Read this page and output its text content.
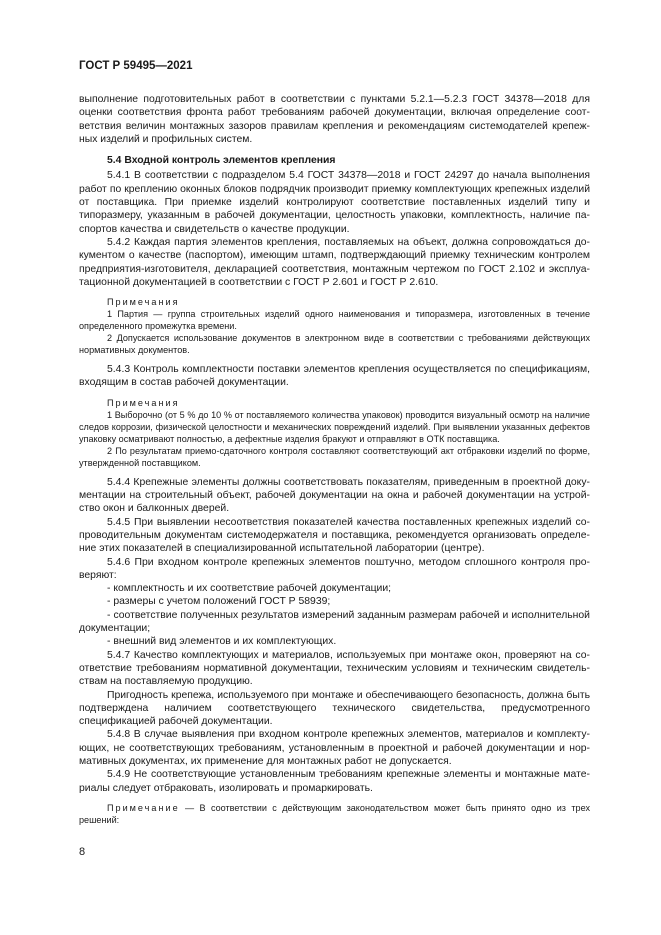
ГОСТ Р 59495—2021

выполнение подготовительных работ в соответствии с пунктами 5.2.1—5.2.3 ГОСТ 34378—2018 для оценки соответствия фронта работ требованиям рабочей документации, включая определение соответствия величин монтажных зазоров правилам крепления и рекомендациям системодателей крепежных изделий и профильных систем.

5.4 Входной контроль элементов крепления

5.4.1 В соответствии с подразделом 5.4 ГОСТ 34378—2018 и ГОСТ 24297 до начала выполнения работ по креплению оконных блоков подрядчик производит приемку комплектующих крепежных изделий от поставщика. При приемке изделий контролируют соответствие поставленных изделий типу и типоразмеру, указанным в рабочей документации, целостность упаковки, комплектность, наличие паспортов качества и свидетельств о качестве продукции.

5.4.2 Каждая партия элементов крепления, поставляемых на объект, должна сопровождаться документом о качестве (паспортом), имеющим штамп, подтверждающий приемку техническим контролем предприятия-изготовителя, декларацией соответствия, монтажным чертежом по ГОСТ 2.102 и эксплуатационной документацией в соответствии с ГОСТ Р 2.601 и ГОСТ Р 2.610.

Примечания

1 Партия — группа строительных изделий одного наименования и типоразмера, изготовленных в течение определенного промежутка времени.

2 Допускается использование документов в электронном виде в соответствии с требованиями действующих нормативных документов.

5.4.3 Контроль комплектности поставки элементов крепления осуществляется по спецификациям, входящим в состав рабочей документации.

Примечания

1 Выборочно (от 5 % до 10 % от поставляемого количества упаковок) проводится визуальный осмотр на наличие следов коррозии, физической целостности и механических повреждений изделий. При выявлении указанных дефектов упаковку осматривают полностью, а дефектные изделия бракуют и отправляют в ОТК поставщика.

2 По результатам приемо-сдаточного контроля составляют соответствующий акт отбраковки изделий по форме, утвержденной поставщиком.

5.4.4 Крепежные элементы должны соответствовать показателям, приведенным в проектной документации на строительный объект, рабочей документации на окна и рабочей документации на устройство окон и балконных дверей.

5.4.5 При выявлении несоответствия показателей качества поставленных крепежных изделий сопроводительным документам системодержателя и поставщика, рекомендуется организовать определение этих показателей в специализированной испытательной лаборатории (центре).

5.4.6 При входном контроле крепежных элементов поштучно, методом сплошного контроля проверяют:

- комплектность и их соответствие рабочей документации;

- размеры с учетом положений ГОСТ Р 58939;

- соответствие полученных результатов измерений заданным размерам рабочей и исполнительной документации;

- внешний вид элементов и их комплектующих.

5.4.7 Качество комплектующих и материалов, используемых при монтаже окон, проверяют на соответствие требованиям нормативной документации, техническим условиям и техническим свидетельствам на поставляемую продукцию.

Пригодность крепежа, используемого при монтаже и обеспечивающего безопасность, должна быть подтверждена наличием соответствующего технического свидетельства, предусмотренного спецификацией рабочей документации.

5.4.8 В случае выявления при входном контроле крепежных элементов, материалов и комплектующих, не соответствующих требованиям, установленным в проектной и рабочей документации и нормативных документах, их применение для монтажных работ не допускается.

5.4.9 Не соответствующие установленным требованиям крепежные элементы и монтажные материалы следует отбраковать, изолировать и промаркировать.

Примечание — В соответствии с действующим законодательством может быть принято одно из трех решений:

8
